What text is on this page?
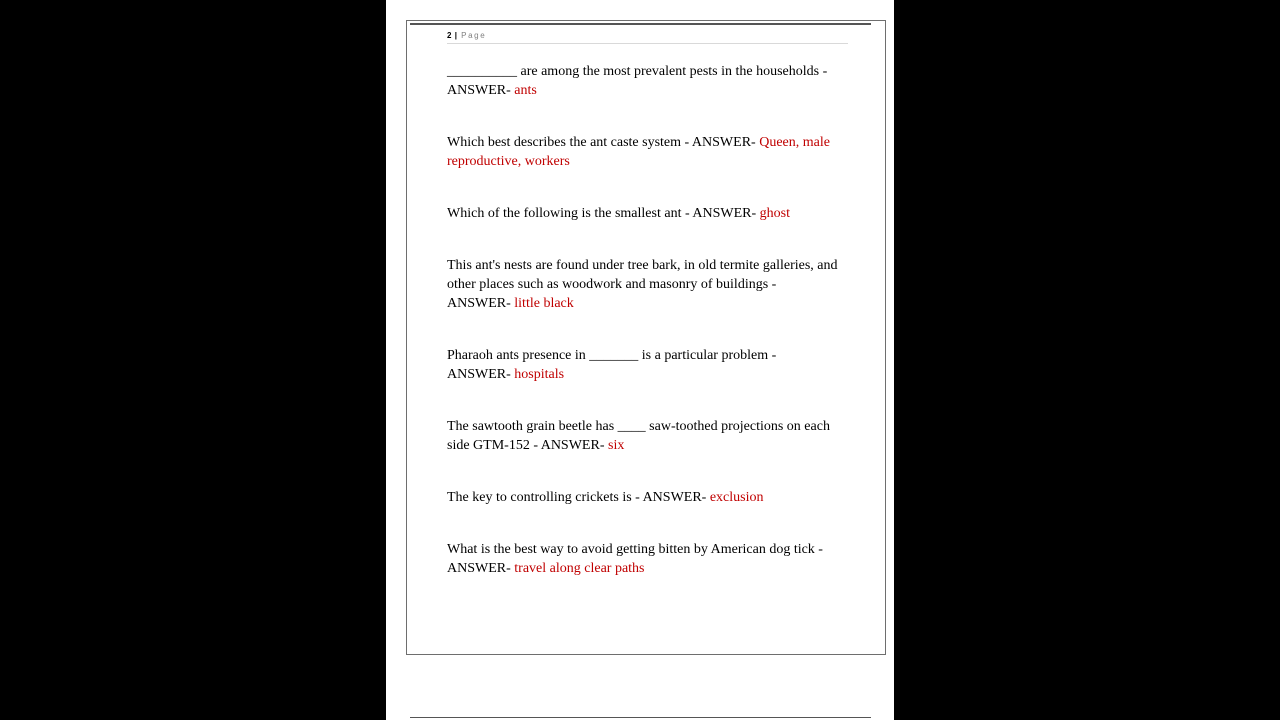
2 | Page

__________ are among the most prevalent pests in the households - ANSWER- ants

Which best describes the ant caste system - ANSWER- Queen, male reproductive, workers

Which of the following is the smallest ant - ANSWER- ghost

This ant's nests are found under tree bark, in old termite galleries, and other places such as woodwork and masonry of buildings - ANSWER- little black

Pharaoh ants presence in _______ is a particular problem - ANSWER- hospitals

The sawtooth grain beetle has ____ saw-toothed projections on each side GTM-152 - ANSWER- six

The key to controlling crickets is - ANSWER- exclusion

What is the best way to avoid getting bitten by American dog tick - ANSWER- travel along clear paths
